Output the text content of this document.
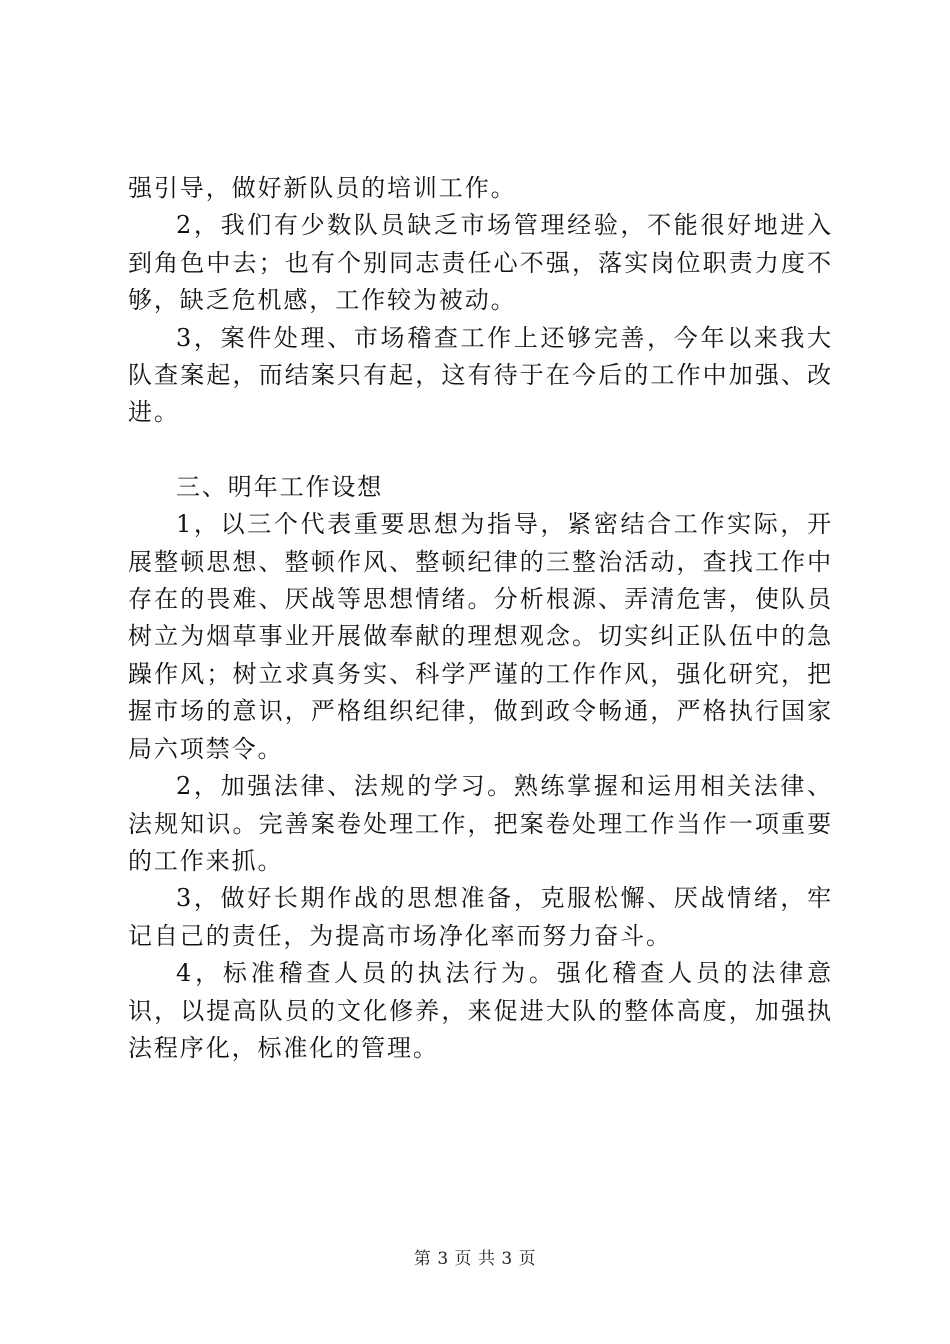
强引导，做好新队员的培训工作。

2，我们有少数队员缺乏市场管理经验，不能很好地进入到角色中去；也有个别同志责任心不强，落实岗位职责力度不够，缺乏危机感，工作较为被动。

3，案件处理、市场稽查工作上还够完善，今年以来我大队查案起，而结案只有起，这有待于在今后的工作中加强、改进。

三、明年工作设想

1，以三个代表重要思想为指导，紧密结合工作实际，开展整顿思想、整顿作风、整顿纪律的三整治活动，查找工作中存在的畏难、厌战等思想情绪。分析根源、弄清危害，使队员树立为烟草事业开展做奉献的理想观念。切实纠正队伍中的急躁作风；树立求真务实、科学严谨的工作作风，强化研究，把握市场的意识，严格组织纪律，做到政令畅通，严格执行国家局六项禁令。

2，加强法律、法规的学习。熟练掌握和运用相关法律、法规知识。完善案卷处理工作，把案卷处理工作当作一项重要的工作来抓。

3，做好长期作战的思想准备，克服松懈、厌战情绪，牢记自己的责任，为提高市场净化率而努力奋斗。

4，标准稽查人员的执法行为。强化稽查人员的法律意识，以提高队员的文化修养，来促进大队的整体高度，加强执法程序化，标准化的管理。

第 3 页 共 3 页
